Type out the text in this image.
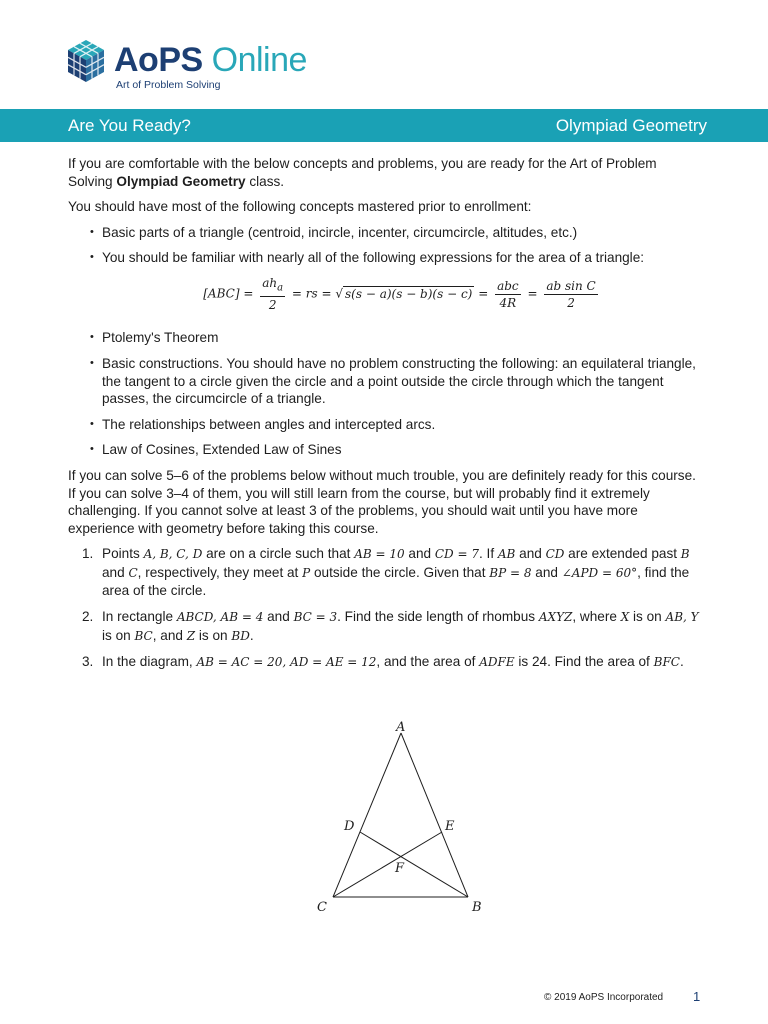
AoPS Online
Art of Problem Solving
Are You Ready?	Olympiad Geometry

If you are comfortable with the below concepts and problems, you are ready for the Art of Problem Solving Olympiad Geometry class.

You should have most of the following concepts mastered prior to enrollment:

• Basic parts of a triangle (centroid, incircle, incenter, circumcircle, altitudes, etc.)
• You should be familiar with nearly all of the following expressions for the area of a triangle:
$[ABC] = \frac{ah_a}{2}$ = rs = √ $s(s - a)(s - b)(s - c) = \frac{\text{abc}}{4R} = \frac{\text{ab sin C}}{2}$
• Ptolemy's Theorem
• Basic constructions. You should have no problem constructing the following: an equilateral triangle, the tangent to a circle given the circle and a point outside the circle through which the tangent passes, the circumcircle of a triangle.
• The relationships between angles and intercepted arcs.
• Law of Cosines, Extended Law of Sines

If you can solve 5–6 of the problems below without much trouble, you are definitely ready for this course. If you can solve 3–4 of them, you will still learn from the course, but will probably find it extremely challenging. If you cannot solve at least 3 of the problems, you should wait until you have more experience with geometry before taking this course.

1. Points A, B, C, D are on a circle such that AB = 10 and CD = 7. If AB and CD are extended past B and C, respectively, they meet at P outside the circle. Given that BP = 8 and ∠APD = 60°, find the area of the circle.
2. In rectangle ABCD, AB = 4 and BC = 3. Find the side length of rhombus AXYZ, where X is on AB, Y is on BC, and Z is on BD.
3. In the diagram, AB = AC = 20, AD = AE = 12, and the area of ADFE is 24. Find the area of BFC.
A
B
C
D	E
F
© 2019 AoPS Incorporated 1
